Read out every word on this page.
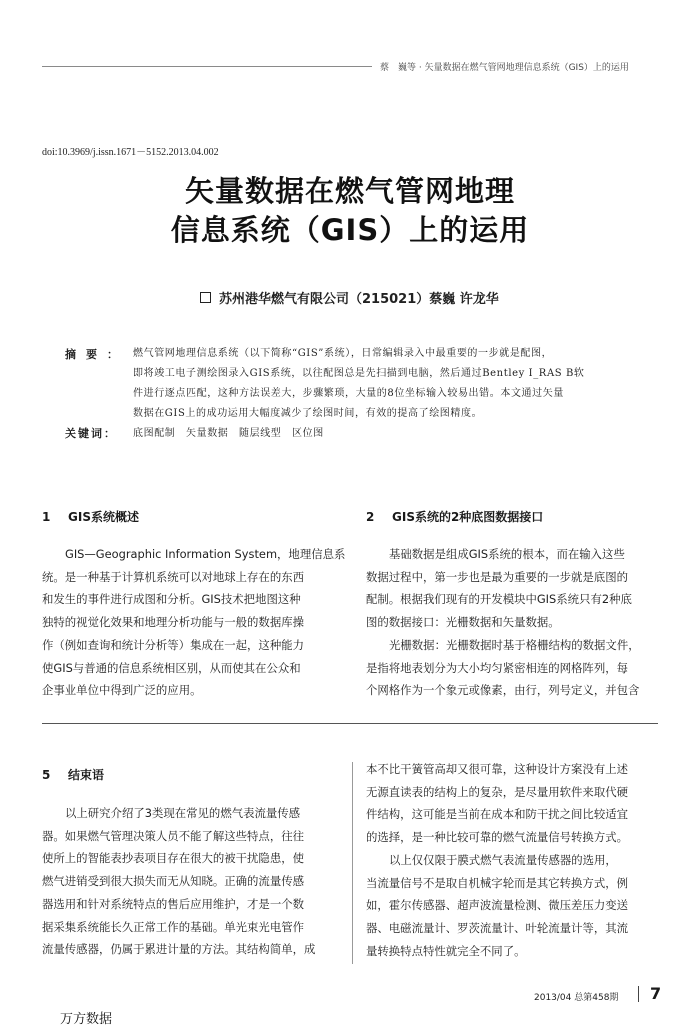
蔡　巍等 · 矢量数据在燃气管网地理信息系统（GIS）上的运用
doi:10.3969/j.issn.1671－5152.2013.04.002
矢量数据在燃气管网地理
信息系统（GIS）上的运用
苏州港华燃气有限公司（215021）蔡巍 许龙华
摘要： 燃气管网地理信息系统（以下简称“GIS”系统），日常编辑录入中最重要的一步就是配图，

即将竣工电子测绘图录入GIS系统，以往配图总是先扫描到电脑，然后通过Bentley I_RAS B软

件进行逐点匹配，这种方法误差大，步骤繁琐，大量的8位坐标输入较易出错。本文通过矢量

数据在GIS上的成功运用大幅度减少了绘图时间，有效的提高了绘图精度。

关键词： 底图配制　矢量数据　随层线型　区位图
1 GIS系统概述

GIS—Geographic Information System，地理信息系

统。是一种基于计算机系统可以对地球上存在的东西

和发生的事件进行成图和分析。GIS技术把地图这种

独特的视觉化效果和地理分析功能与一般的数据库操

作（例如查询和统计分析等）集成在一起，这种能力

使GIS与普通的信息系统相区别，从而使其在公众和

企事业单位中得到广泛的应用。

2 GIS系统的2种底图数据接口

基础数据是组成GIS系统的根本，而在输入这些

数据过程中，第一步也是最为重要的一步就是底图的

配制。根据我们现有的开发模块中GIS系统只有2种底

图的数据接口：光栅数据和矢量数据。

光栅数据：光栅数据时基于格栅结构的数据文件，

是指将地表划分为大小均匀紧密相连的网格阵列，每

个网格作为一个象元或像素，由行，列号定义，并包含

5 结束语

以上研究介绍了3类现在常见的燃气表流量传感

器。如果燃气管理决策人员不能了解这些特点，往往

使所上的智能表抄表项目存在很大的被干扰隐患，使

燃气进销受到很大损失而无从知晓。正确的流量传感

器选用和针对系统特点的售后应用维护，才是一个数

据采集系统能长久正常工作的基础。单光束光电管作

流量传感器，仍属于累进计量的方法。其结构简单，成

本不比干簧管高却又很可靠，这种设计方案没有上述

无源直读表的结构上的复杂，是尽量用软件来取代硬

件结构，这可能是当前在成本和防干扰之间比较适宜

的选择，是一种比较可靠的燃气流量信号转换方式。

以上仅仅限于膜式燃气表流量传感器的选用，

当流量信号不是取自机械字轮而是其它转换方式，例

如，霍尔传感器、超声波流量检测、微压差压力变送

器、电磁流量计、罗茨流量计、叶轮流量计等，其流

量转换特点特性就完全不同了。

2013/04 总第458期 7
万方数据
